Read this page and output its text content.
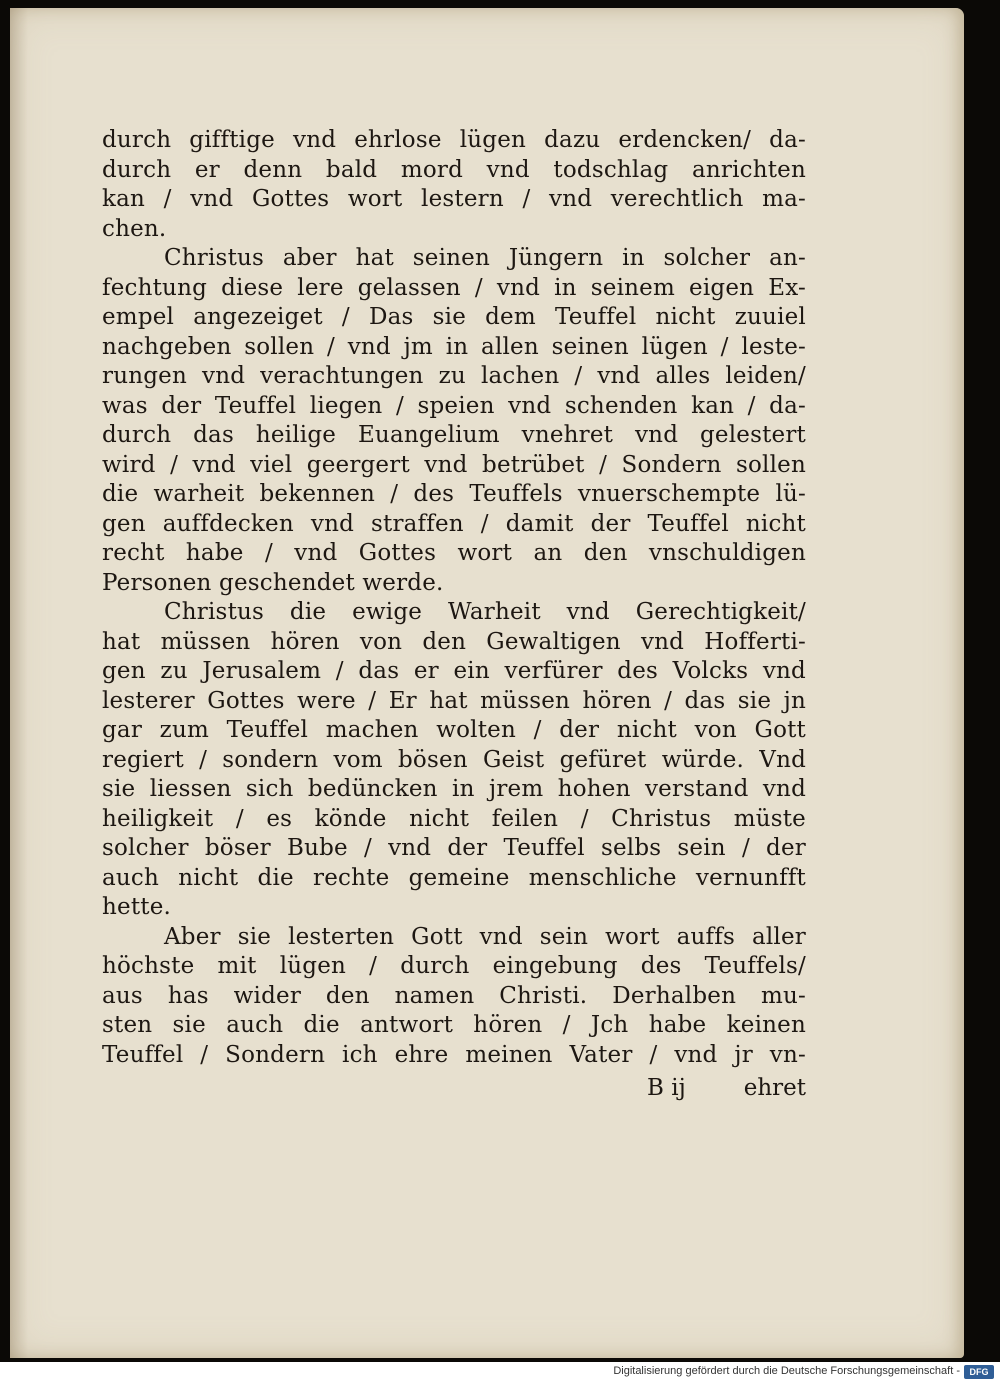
durch gifftige vnd ehrlose lügen dazu erdencken/ da-
durch er denn bald mord vnd todschlag anrichten
kan / vnd Gottes wort lestern / vnd verechtlich ma-
chen.
Christus aber hat seinen Jüngern in solcher an-
fechtung diese lere gelassen / vnd in seinem eigen Ex-
empel angezeiget / Das sie dem Teuffel nicht zuuiel
nachgeben sollen / vnd jm in allen seinen lügen / leste-
rungen vnd verachtungen zu lachen / vnd alles leiden/
was der Teuffel liegen / speien vnd schenden kan / da-
durch das heilige Euangelium vnehret vnd gelestert
wird / vnd viel geergert vnd betrübet / Sondern sollen
die warheit bekennen / des Teuffels vnuerschempte lü-
gen auffdecken vnd straffen / damit der Teuffel nicht
recht habe / vnd Gottes wort an den vnschuldigen
Personen geschendet werde.
Christus die ewige Warheit vnd Gerechtigkeit/
hat müssen hören von den Gewaltigen vnd Hofferti-
gen zu Jerusalem / das er ein verfürer des Volcks vnd
lesterer Gottes were / Er hat müssen hören / das sie jn
gar zum Teuffel machen wolten / der nicht von Gott
regiert / sondern vom bösen Geist gefüret würde. Vnd
sie liessen sich bedüncken in jrem hohen verstand vnd
heiligkeit / es könde nicht feilen / Christus müste
solcher böser Bube / vnd der Teuffel selbs sein / der
auch nicht die rechte gemeine menschliche vernunfft
hette.
Aber sie lesterten Gott vnd sein wort auffs aller
höchste mit lügen / durch eingebung des Teuffels/
aus has wider den namen Christi. Derhalben mu-
sten sie auch die antwort hören / Jch habe keinen
Teuffel / Sondern ich ehre meinen Vater / vnd jr vn-
B ij	ehret
Digitalisierung gefördert durch die Deutsche Forschungsgemeinschaft -	DFG
